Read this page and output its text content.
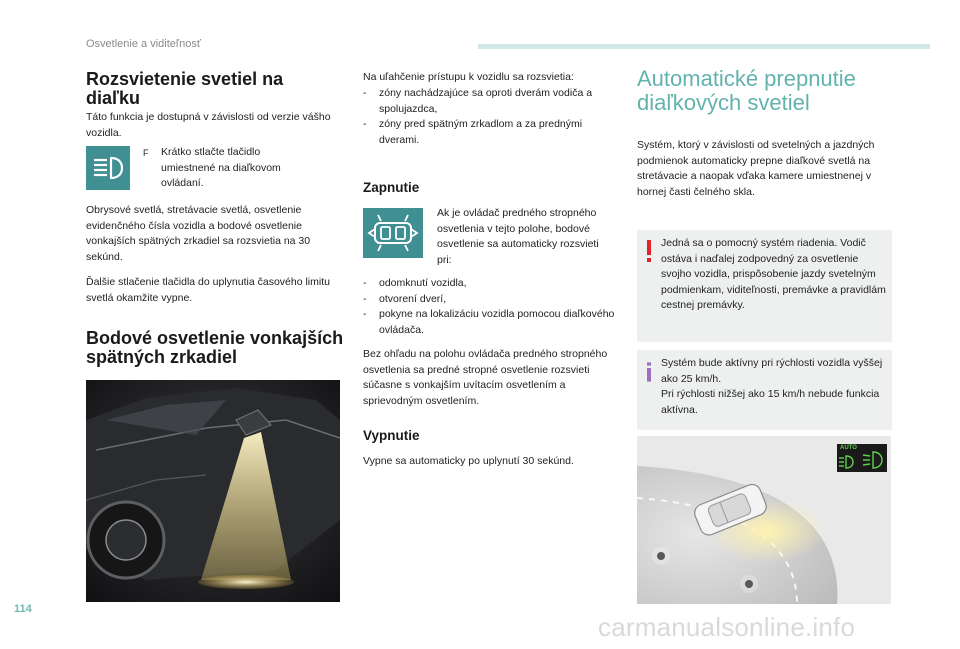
Osvetlenie a viditeľnosť
Rozsvietenie svetiel na diaľku
Táto funkcia je dostupná v závislosti od verzie vášho vozidla.
F Krátko stlačte tlačidlo umiestnené na diaľkovom ovládaní.
Obrysové svetlá, stretávacie svetlá, osvetlenie evidenčného čísla vozidla a bodové osvetlenie vonkajších spätných zrkadiel sa rozsvietia na 30 sekúnd.
Ďalšie stlačenie tlačidla do uplynutia časového limitu svetlá okamžite vypne.
Bodové osvetlenie vonkajších spätných zrkadiel
Na uľahčenie prístupu k vozidlu sa rozsvietia:
- zóny nachádzajúce sa oproti dverám vodiča a spolujazdca,
- zóny pred spätným zrkadlom a za prednými dverami.
Zapnutie
Ak je ovládač predného stropného osvetlenia v tejto polohe, bodové osvetlenie sa automaticky rozsvieti pri:
- odomknutí vozidla,
- otvorení dverí,
- pokyne na lokalizáciu vozidla pomocou diaľkového ovládača.
Bez ohľadu na polohu ovládača predného stropného osvetlenia sa predné stropné osvetlenie rozsvieti súčasne s vonkajším uvítacím osvetlením a sprievodným osvetlením.
Vypnutie
Vypne sa automaticky po uplynutí 30 sekúnd.
Automatické prepnutie diaľkových svetiel
Systém, ktorý v závislosti od svetelných a jazdných podmienok automaticky prepne diaľkové svetlá na stretávacie a naopak vďaka kamere umiestnenej v hornej časti čelného skla.
Jedná sa o pomocný systém riadenia. Vodič ostáva i naďalej zodpovedný za osvetlenie svojho vozidla, prispôsobenie jazdy svetelným podmienkam, viditeľnosti, premávke a pravidlám cestnej premávky.
Systém bude aktívny pri rýchlosti vozidla vyššej ako 25 km/h.
Pri rýchlosti nižšej ako 15 km/h nebude funkcia aktívna.
AUTO
114
carmanualsonline.info
